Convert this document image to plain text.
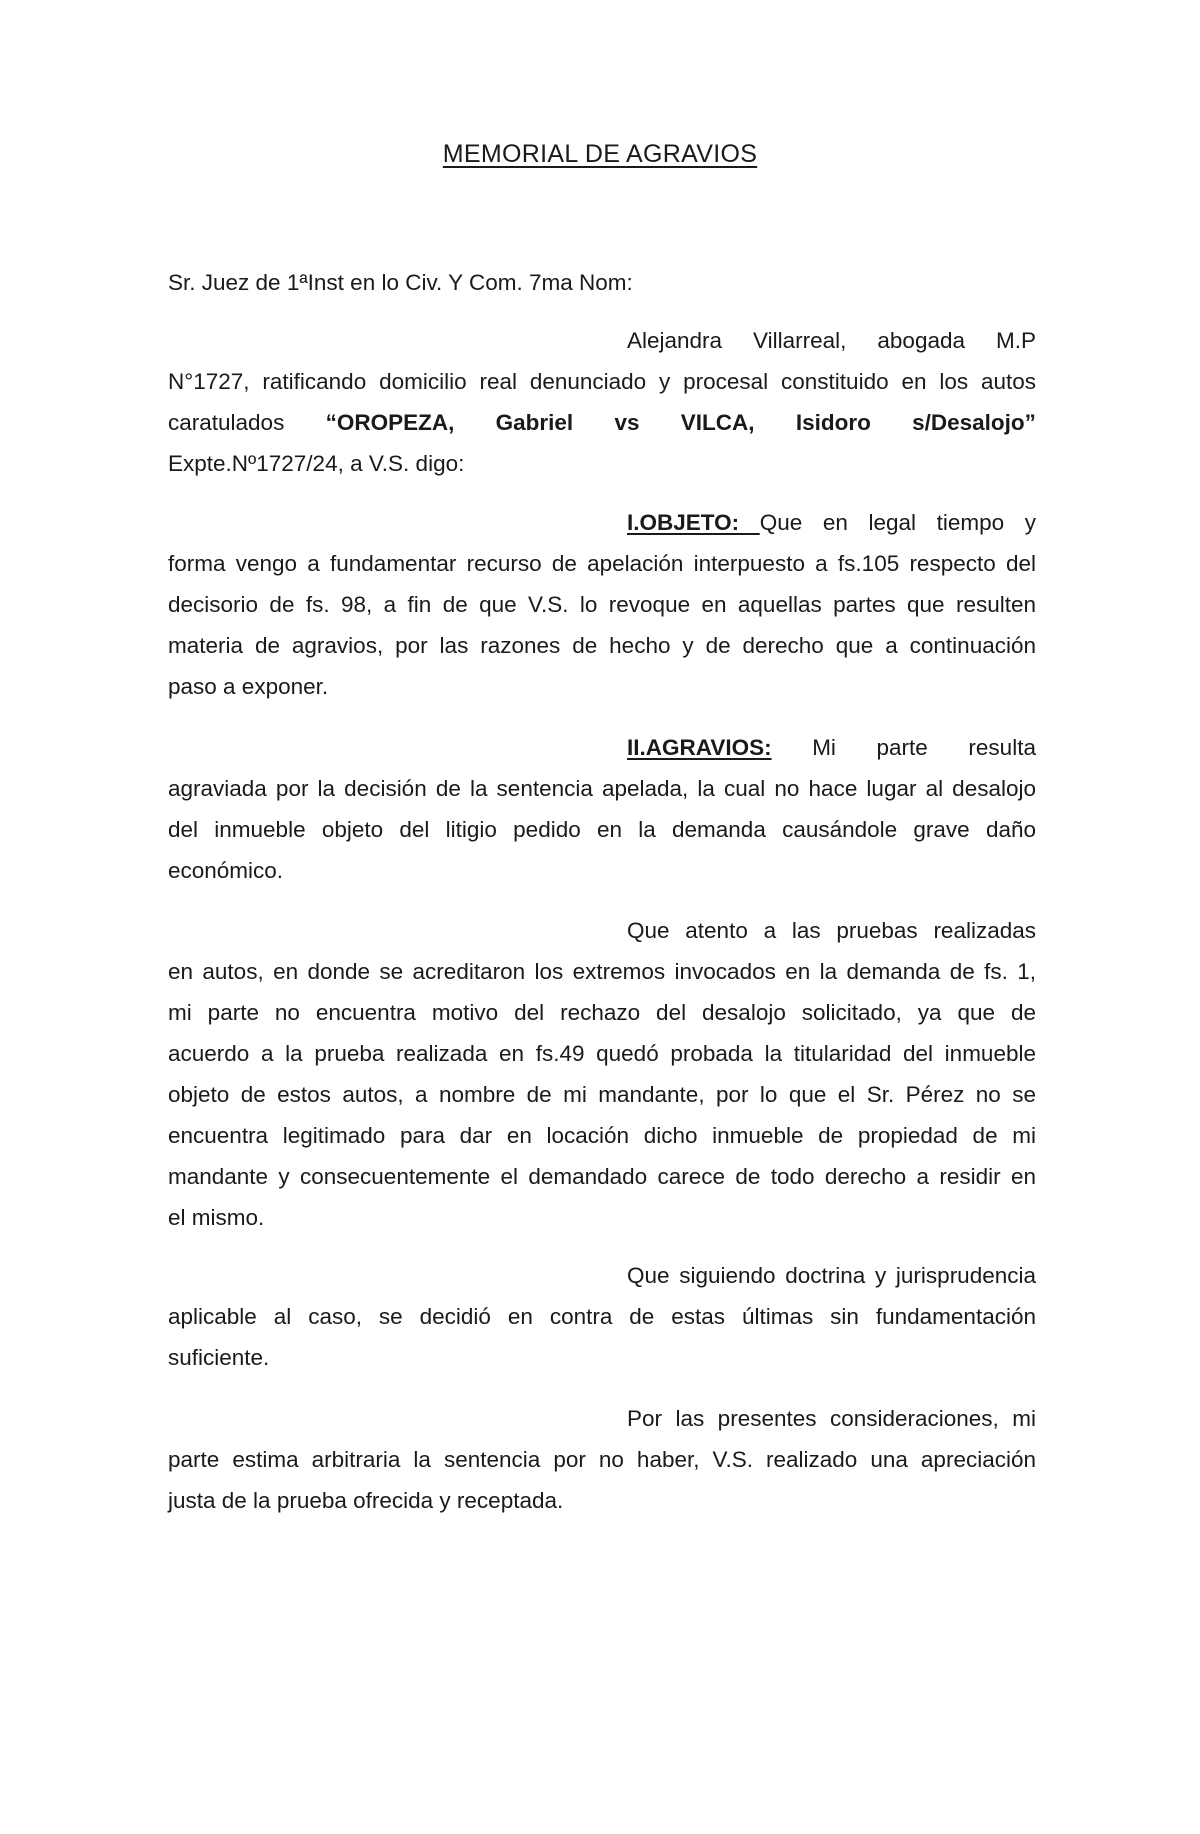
MEMORIAL DE AGRAVIOS
Sr. Juez de 1ªInst en lo Civ. Y Com. 7ma Nom:
Alejandra Villarreal, abogada M.P
N°1727, ratificando domicilio real denunciado y procesal constituido en los autos
caratulados “OROPEZA, Gabriel vs VILCA, Isidoro s/Desalojo”
Expte.Nº1727/24, a V.S. digo:
I.OBJETO: Que en legal tiempo y
forma vengo a fundamentar recurso de apelación interpuesto a fs.105 respecto del
decisorio de fs. 98, a fin de que V.S. lo revoque en aquellas partes que resulten
materia de agravios, por las razones de hecho y de derecho que a continuación
paso a exponer.
II.AGRAVIOS: Mi parte resulta
agraviada por la decisión de la sentencia apelada, la cual no hace lugar al desalojo
del inmueble objeto del litigio pedido en la demanda causándole grave daño
económico.
Que atento a las pruebas realizadas
en autos, en donde se acreditaron los extremos invocados en la demanda de fs. 1,
mi parte no encuentra motivo del rechazo del desalojo solicitado, ya que de
acuerdo a la prueba realizada en fs.49 quedó probada la titularidad del inmueble
objeto de estos autos, a nombre de mi mandante, por lo que el Sr. Pérez no se
encuentra legitimado para dar en locación dicho inmueble de propiedad de mi
mandante y consecuentemente el demandado carece de todo derecho a residir en
el mismo.
Que siguiendo doctrina y jurisprudencia
aplicable al caso, se decidió en contra de estas últimas sin fundamentación
suficiente.
Por las presentes consideraciones, mi
parte estima arbitraria la sentencia por no haber, V.S. realizado una apreciación
justa de la prueba ofrecida y receptada.
